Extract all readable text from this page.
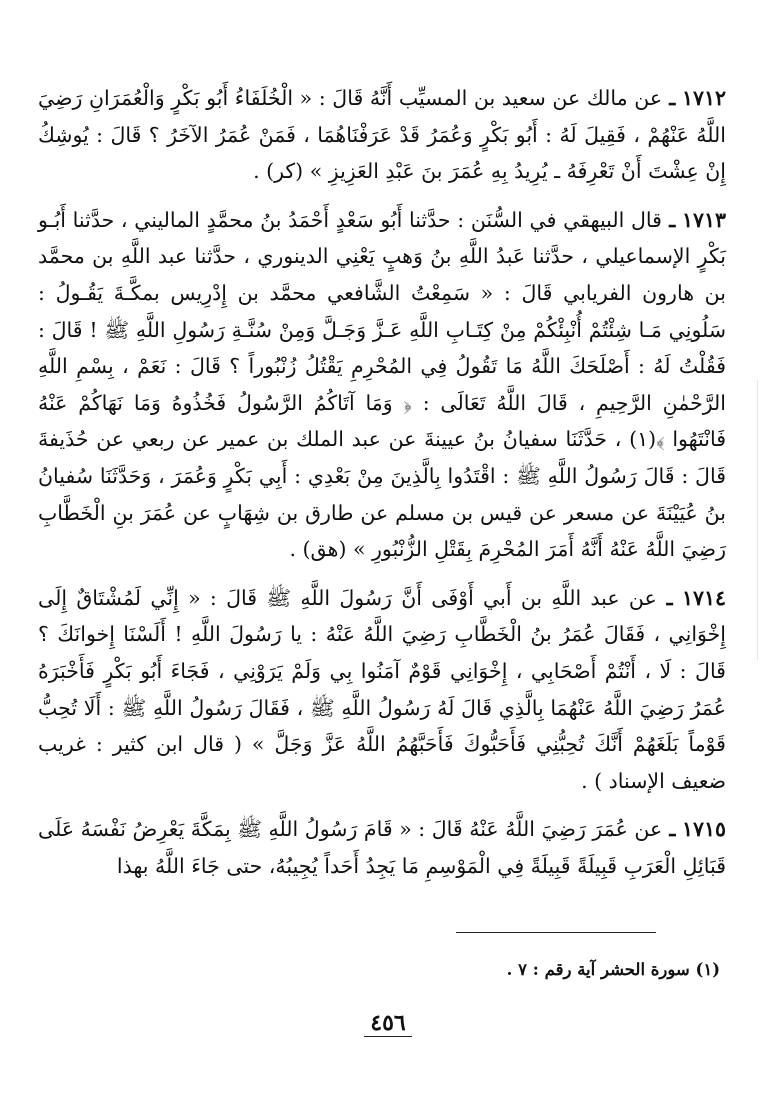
١٧١٢ ـ عن مالك عن سعيد بن المسيِّب أَنَّهُ قَالَ : « الْخُلَفَاءُ أَبُو بَكْرٍ وَالْعُمَرَانِ رَضِيَ اللَّهُ عَنْهُمْ ، فَقِيلَ لَهُ : أَبُو بَكْرٍ وَعُمَرُ قَدْ عَرَفْنَاهُمَا ، فَمَنْ عُمَرُ الآخَرُ ؟ قَالَ : يُوشِكُ إِنْ عِشْتَ أَنْ تَعْرِفَهُ ـ يُرِيدُ بِهِ عُمَرَ بنَ عَبْدِ العَزِيزِ » (كر) .

١٧١٣ ـ قال البيهقي في السُّنَن : حدَّثنا أَبُو سَعْدٍ أَحْمَدُ بنُ محمَّدٍ الماليني ، حدَّثنا أَبُـو بَكْرٍ الإسماعيلي ، حدَّثنا عَبدُ اللَّهِ بنُ وَهبٍ يَعْنِي الدينوري ، حدَّثنا عبد اللَّهِ بن محمَّد بن هارون الفريابي قَالَ : « سَمِعْتُ الشَّافعي محمَّد بن إِدْرِيس بمكَّـةَ يَقُـولُ : سَلُونِي مَـا شِئْتُمْ أُنْبِئْكُمْ مِنْ كِتَـابِ اللَّهِ عَـزَّ وَجَـلَّ وَمِنْ سُنَّـةِ رَسُولِ اللَّهِ ﷺ ! قَالَ : فَقُلْتُ لَهُ : أَصْلَحَكَ اللَّهُ مَا تَقُولُ فِي المُحْرِمِ يَقْتُلُ زُنْبُوراً ؟ قَالَ : نَعَمْ ، بِسْمِ اللَّهِ الرَّحْمٰنِ الرَّحِيمِ ، قَالَ اللَّهُ تَعَالَى : ﴿ وَمَا آتَاكُمُ الرَّسُولُ فَخُذُوهُ وَمَا نَهَاكُمْ عَنْهُ فَانْتَهُوا ﴾(١) ، حَدَّثَنَا سفيانُ بنُ عيينةَ عن عبد الملك بن عمير عن ربعي عن حُذَيفةَ قَالَ : قَالَ رَسُولُ اللَّهِ ﷺ : اقْتَدُوا بِالَّذِينَ مِنْ بَعْدِي : أَبِي بَكْرٍ وَعُمَرَ ، وَحَدَّثَنَا سُفيانُ بنُ عُيَيْنَةَ عن مسعر عن قيس بن مسلم عن طارق بن شِهَابٍ عن عُمَرَ بنِ الْخَطَّابِ رَضِيَ اللَّهُ عَنْهُ أَنَّهُ أَمَرَ المُحْرِمَ بِقَتْلِ الزُّنْبُورِ » (هق) .

١٧١٤ ـ عن عبد اللَّهِ بن أَبي أَوْفَى أَنَّ رَسُولَ اللَّهِ ﷺ قَالَ : « إِنِّي لَمُشْتَاقٌ إِلَى إِخْوَانِي ، فَقَالَ عُمَرُ بنُ الْخَطَّابِ رَضِيَ اللَّهُ عَنْهُ : يا رَسُولَ اللَّهِ ! أَلَسْنَا إِخوانَكَ ؟ قَالَ : لَا ، أَنْتُمْ أَصْحَابِي ، إِخْوَانِي قَوْمٌ آمَنُوا بِي وَلَمْ يَرَوْنِي ، فَجَاءَ أَبُو بَكْرٍ فَأَخْبَرَهُ عُمَرُ رَضِيَ اللَّهُ عَنْهُمَا بِالَّذِي قَالَ لَهُ رَسُولُ اللَّهِ ﷺ ، فَقَالَ رَسُولُ اللَّهِ ﷺ : أَلَا تُحِبُّ قَوْماً بَلَغَهُمْ أَنَّكَ تُحِبُّنِي فَأَحَبُّوكَ فَأَحَبَّهُمُ اللَّهُ عَزَّ وَجَلَّ » ( قال ابن كثير : غريب ضعيف الإسناد ) .

١٧١٥ ـ عن عُمَرَ رَضِيَ اللَّهُ عَنْهُ قَالَ : « قَامَ رَسُولُ اللَّهِ ﷺ بِمَكَّةَ يَعْرِضُ نَفْسَهُ عَلَى قَبَائِلِ الْعَرَبِ قَبِيلَةً قَبِيلَةً فِي الْمَوْسِمِ مَا يَجِدُ أَحَداً يُجِيبُهُ، حتى جَاءَ اللَّهُ بهذا

(١) سورة الحشر آية رقم : ٧ .
٤٥٦
